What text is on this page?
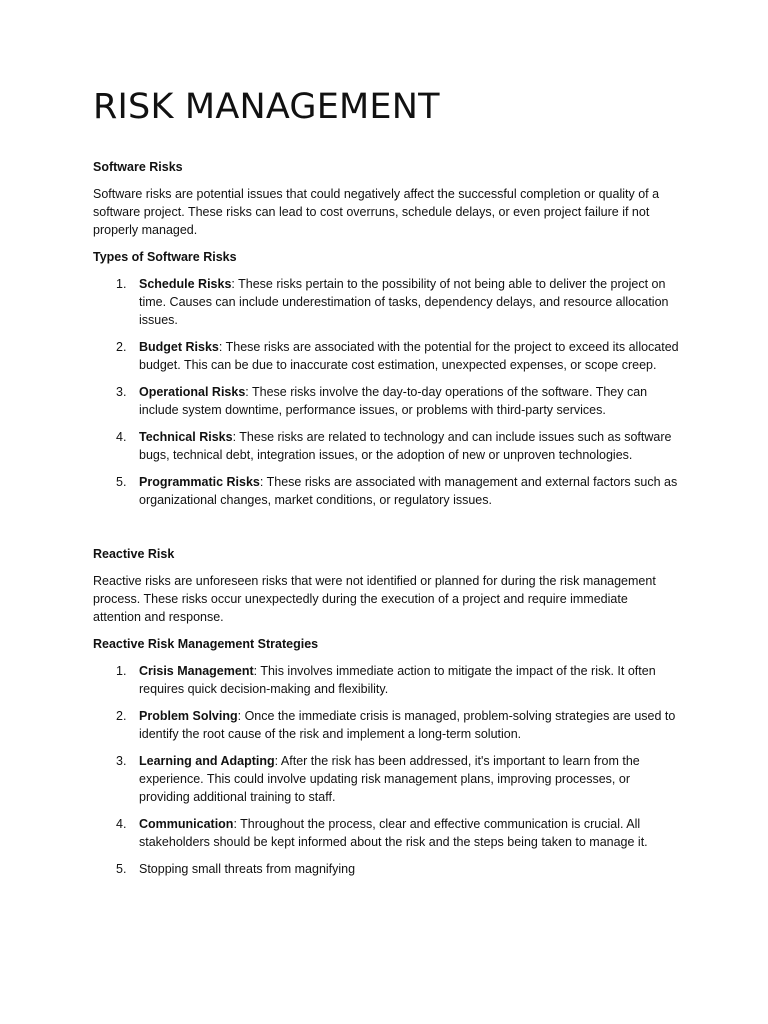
RISK MANAGEMENT
Software Risks

Software risks are potential issues that could negatively affect the successful completion or quality of a software project. These risks can lead to cost overruns, schedule delays, or even project failure if not properly managed.

Types of Software Risks
1. Schedule Risks: These risks pertain to the possibility of not being able to deliver the project on time. Causes can include underestimation of tasks, dependency delays, and resource allocation issues.
2. Budget Risks: These risks are associated with the potential for the project to exceed its allocated budget. This can be due to inaccurate cost estimation, unexpected expenses, or scope creep.
3. Operational Risks: These risks involve the day-to-day operations of the software. They can include system downtime, performance issues, or problems with third-party services.
4. Technical Risks: These risks are related to technology and can include issues such as software bugs, technical debt, integration issues, or the adoption of new or unproven technologies.
5. Programmatic Risks: These risks are associated with management and external factors such as organizational changes, market conditions, or regulatory issues.
Reactive Risk

Reactive risks are unforeseen risks that were not identified or planned for during the risk management process. These risks occur unexpectedly during the execution of a project and require immediate attention and response.

Reactive Risk Management Strategies
1. Crisis Management: This involves immediate action to mitigate the impact of the risk. It often requires quick decision-making and flexibility.
2. Problem Solving: Once the immediate crisis is managed, problem-solving strategies are used to identify the root cause of the risk and implement a long-term solution.
3. Learning and Adapting: After the risk has been addressed, it's important to learn from the experience. This could involve updating risk management plans, improving processes, or providing additional training to staff.
4. Communication: Throughout the process, clear and effective communication is crucial. All stakeholders should be kept informed about the risk and the steps being taken to manage it.
5. Stopping small threats from magnifying
